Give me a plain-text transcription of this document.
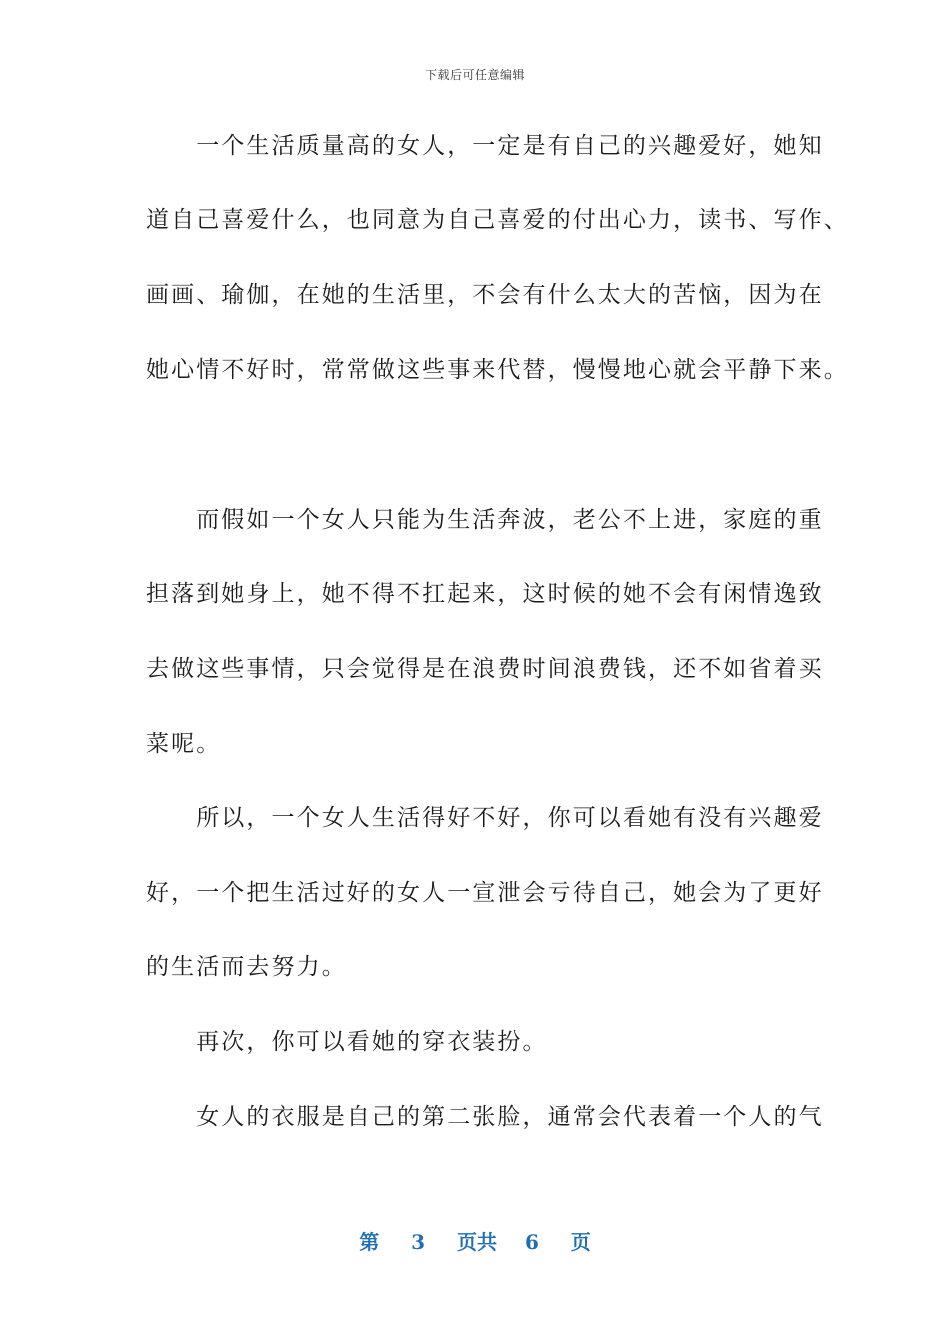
下载后可任意编辑
　　一个生活质量高的女人，一定是有自己的兴趣爱好，她知
道自己喜爱什么，也同意为自己喜爱的付出心力，读书、写作、
画画、瑜伽，在她的生活里，不会有什么太大的苦恼，因为在
她心情不好时，常常做这些事来代替，慢慢地心就会平静下来。
　　而假如一个女人只能为生活奔波，老公不上进，家庭的重
担落到她身上，她不得不扛起来，这时候的她不会有闲情逸致
去做这些事情，只会觉得是在浪费时间浪费钱，还不如省着买
菜呢。
　　所以，一个女人生活得好不好，你可以看她有没有兴趣爱
好，一个把生活过好的女人一宣泄会亏待自己，她会为了更好
的生活而去努力。
　　再次，你可以看她的穿衣装扮。
　　女人的衣服是自己的第二张脸，通常会代表着一个人的气
第 3 页共 6 页
